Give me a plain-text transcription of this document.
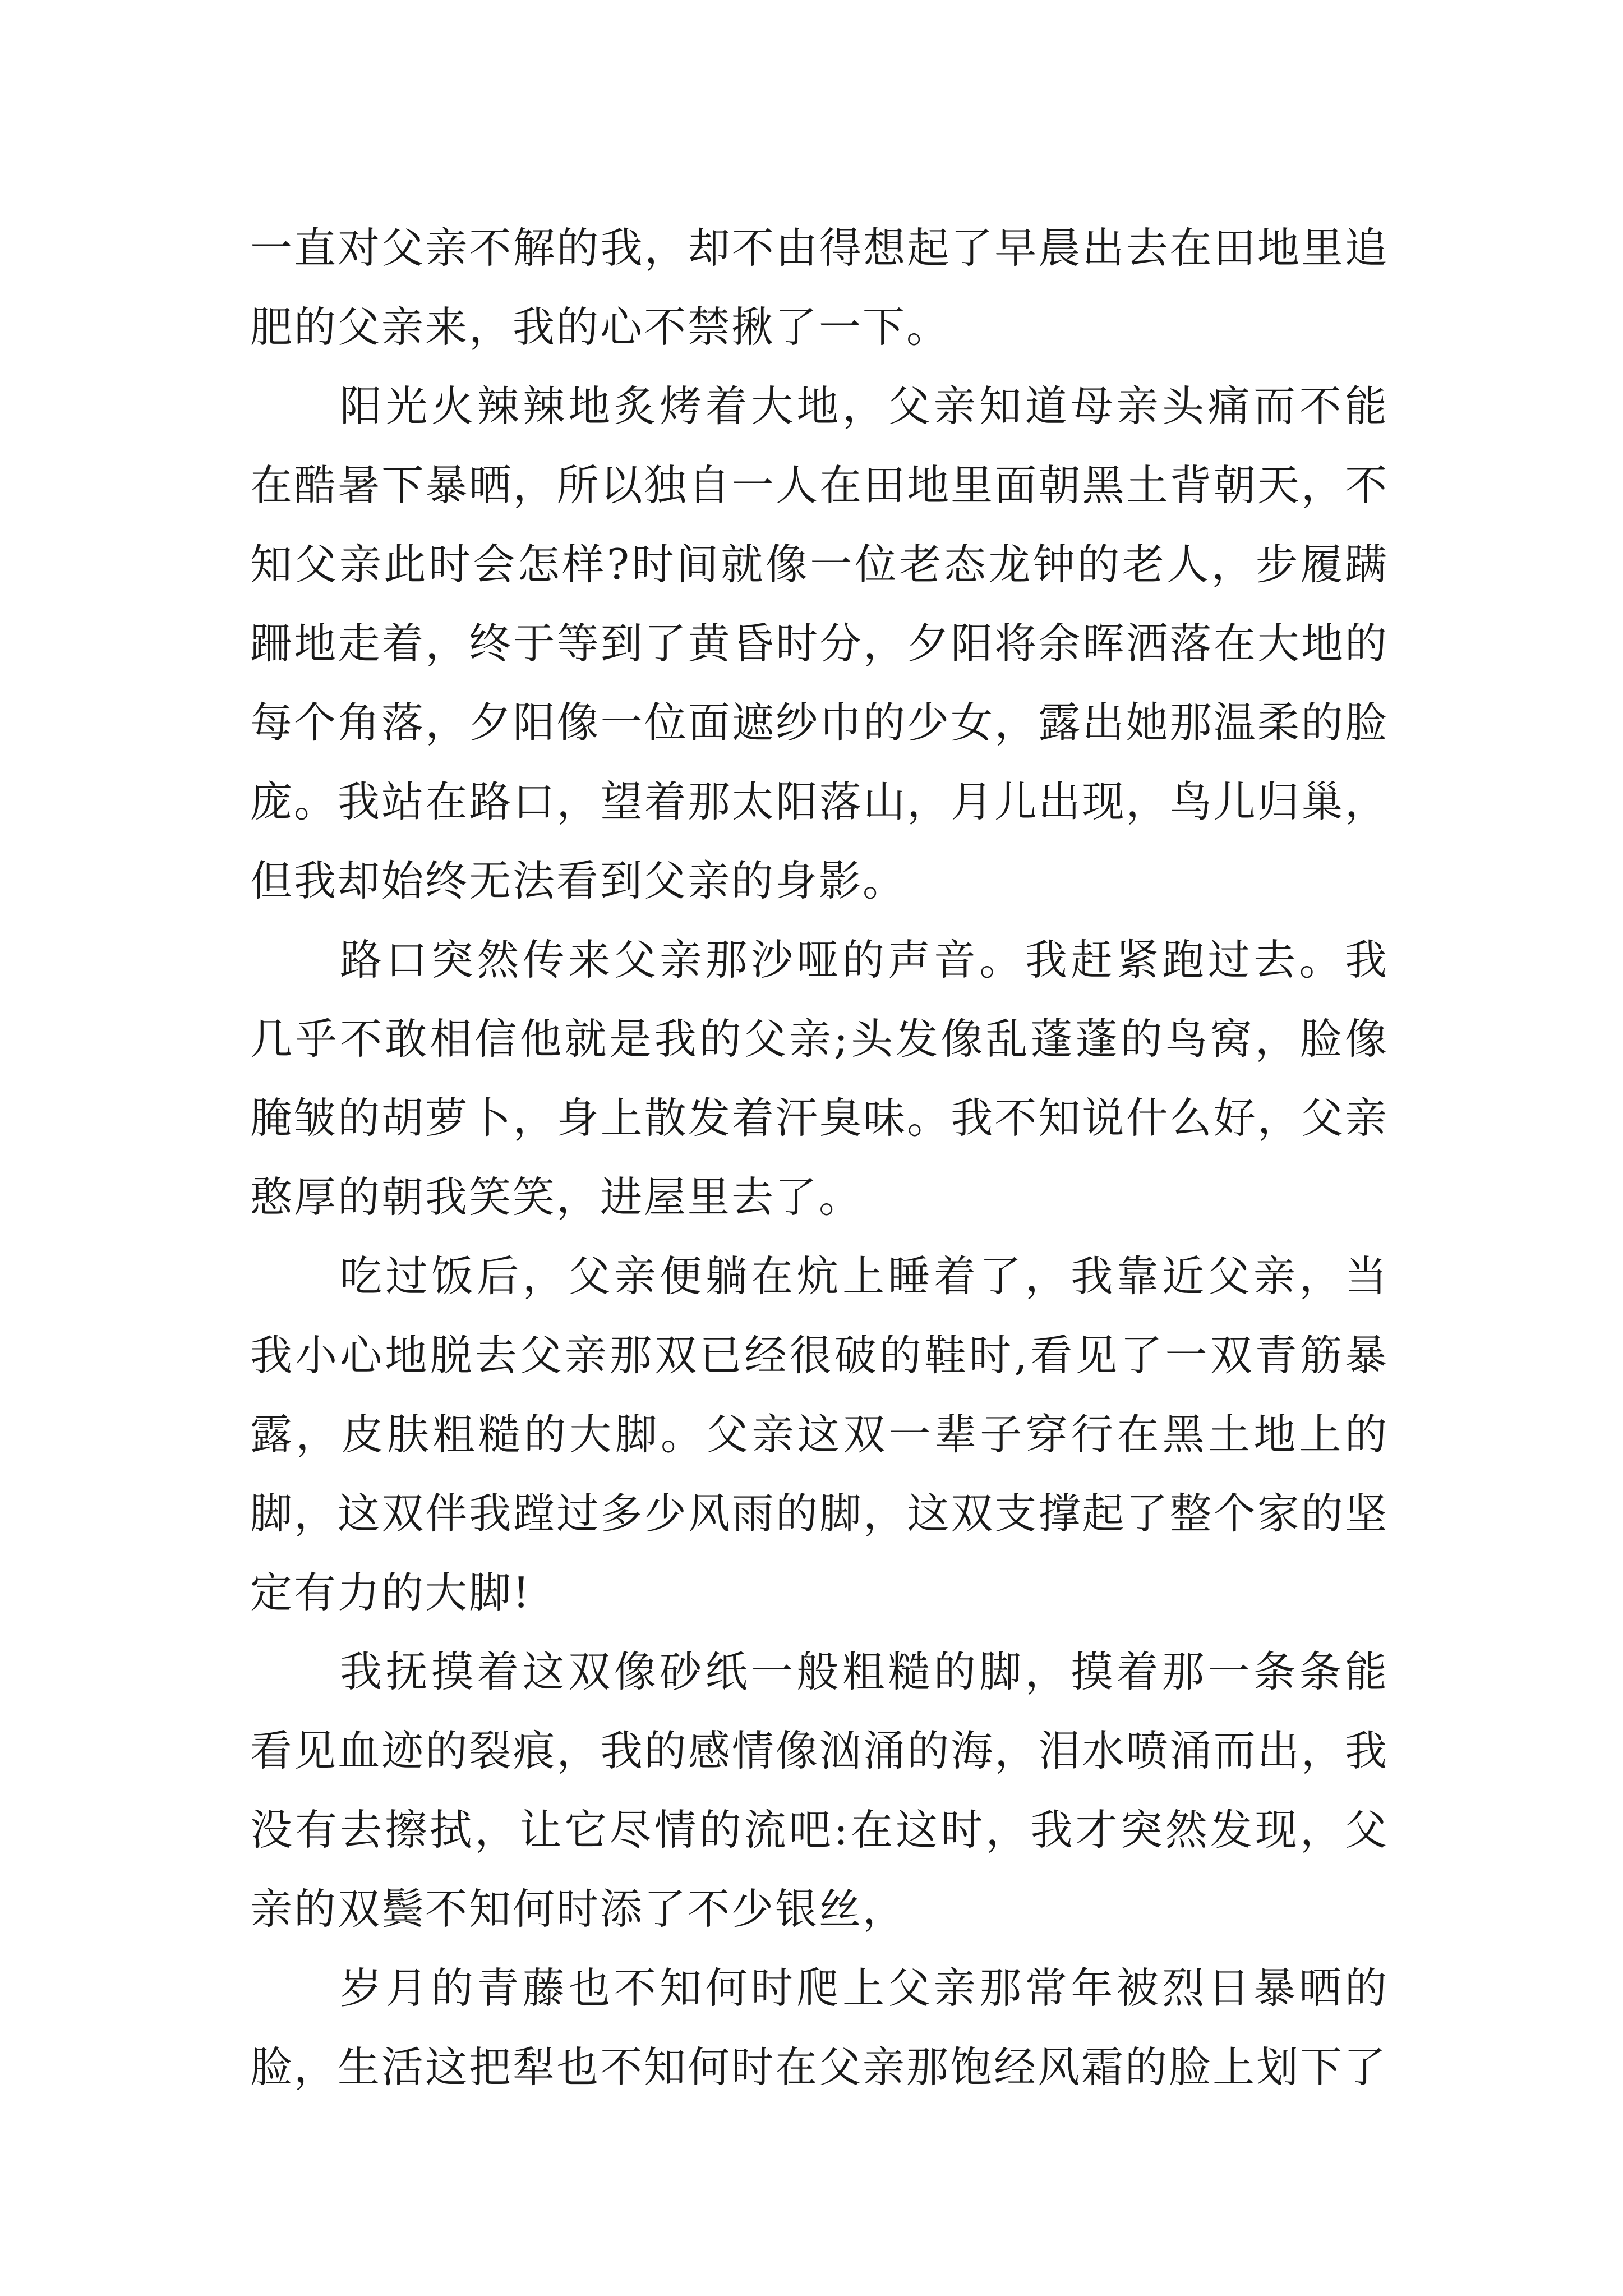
一直对父亲不解的我，却不由得想起了早晨出去在田地里追肥的父亲来，我的心不禁揪了一下。

阳光火辣辣地炙烤着大地，父亲知道母亲头痛而不能在酷暑下暴晒，所以独自一人在田地里面朝黑土背朝天，不知父亲此时会怎样?时间就像一位老态龙钟的老人，步履蹒跚地走着，终于等到了黄昏时分，夕阳将余晖洒落在大地的每个角落，夕阳像一位面遮纱巾的少女，露出她那温柔的脸庞。我站在路口，望着那太阳落山，月儿出现，鸟儿归巢，但我却始终无法看到父亲的身影。

路口突然传来父亲那沙哑的声音。我赶紧跑过去。我几乎不敢相信他就是我的父亲;头发像乱蓬蓬的鸟窝，脸像腌皱的胡萝卜，身上散发着汗臭味。我不知说什么好，父亲憨厚的朝我笑笑，进屋里去了。

吃过饭后，父亲便躺在炕上睡着了，我靠近父亲，当我小心地脱去父亲那双已经很破的鞋时,看见了一双青筋暴露，皮肤粗糙的大脚。父亲这双一辈子穿行在黑土地上的脚，这双伴我蹚过多少风雨的脚，这双支撑起了整个家的坚定有力的大脚!

我抚摸着这双像砂纸一般粗糙的脚，摸着那一条条能看见血迹的裂痕，我的感情像汹涌的海，泪水喷涌而出，我没有去擦拭，让它尽情的流吧:在这时，我才突然发现，父亲的双鬓不知何时添了不少银丝，

岁月的青藤也不知何时爬上父亲那常年被烈日暴晒的脸，生活这把犁也不知何时在父亲那饱经风霜的脸上划下了
